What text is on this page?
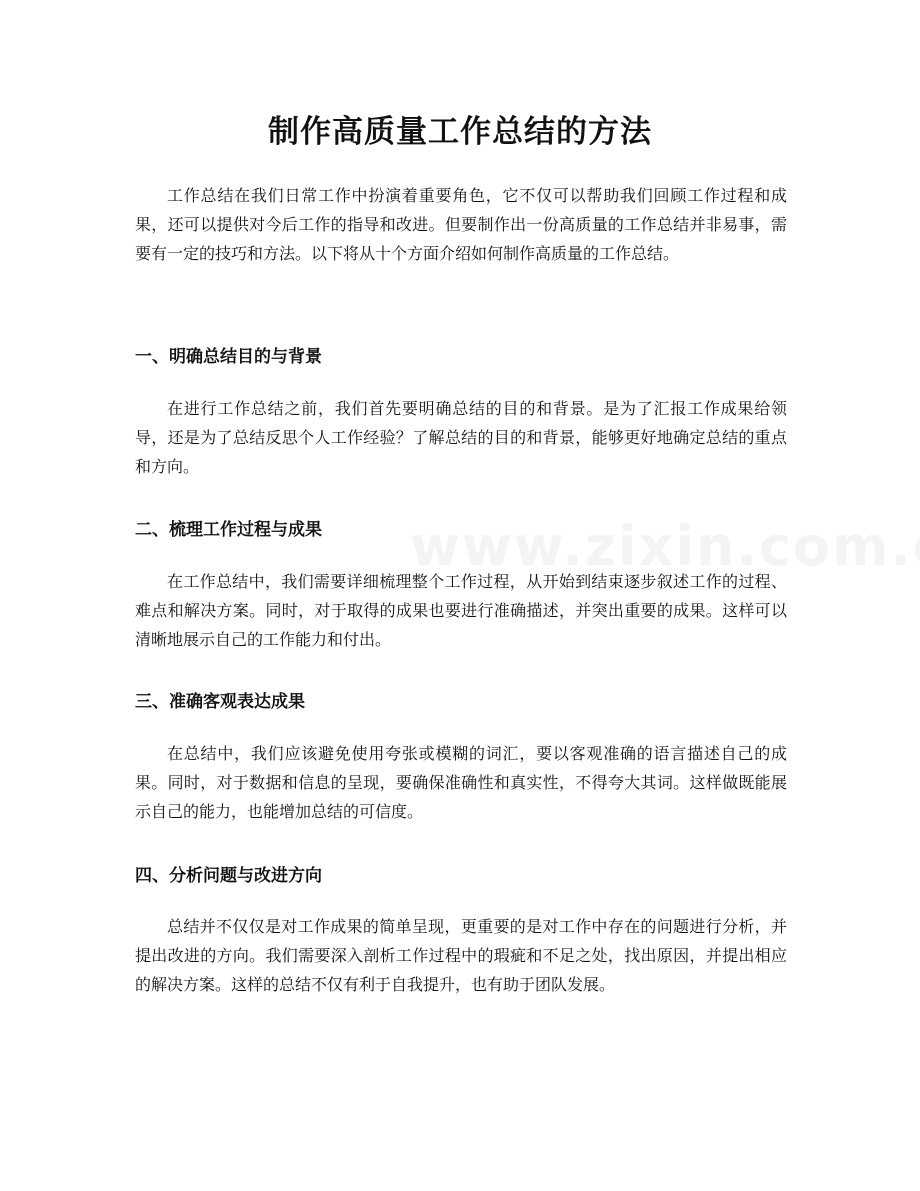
制作高质量工作总结的方法

工作总结在我们日常工作中扮演着重要角色，它不仅可以帮助我们回顾工作过程和成果，还可以提供对今后工作的指导和改进。但要制作出一份高质量的工作总结并非易事，需要有一定的技巧和方法。以下将从十个方面介绍如何制作高质量的工作总结。

一、明确总结目的与背景

在进行工作总结之前，我们首先要明确总结的目的和背景。是为了汇报工作成果给领导，还是为了总结反思个人工作经验？了解总结的目的和背景，能够更好地确定总结的重点和方向。

二、梳理工作过程与成果

在工作总结中，我们需要详细梳理整个工作过程，从开始到结束逐步叙述工作的过程、难点和解决方案。同时，对于取得的成果也要进行准确描述，并突出重要的成果。这样可以清晰地展示自己的工作能力和付出。

三、准确客观表达成果

在总结中，我们应该避免使用夸张或模糊的词汇，要以客观准确的语言描述自己的成果。同时，对于数据和信息的呈现，要确保准确性和真实性，不得夸大其词。这样做既能展示自己的能力，也能增加总结的可信度。

四、分析问题与改进方向

总结并不仅仅是对工作成果的简单呈现，更重要的是对工作中存在的问题进行分析，并提出改进的方向。我们需要深入剖析工作过程中的瑕疵和不足之处，找出原因，并提出相应的解决方案。这样的总结不仅有利于自我提升，也有助于团队发展。
